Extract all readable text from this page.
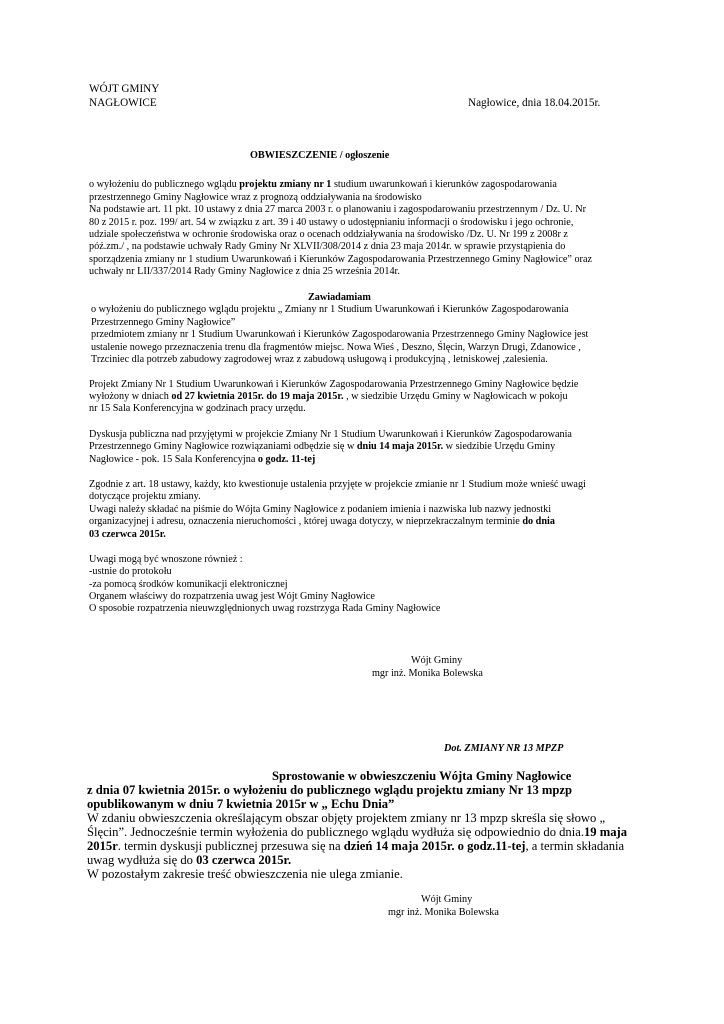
WÓJT GMINY
NAGŁOWICE	Nagłowice, dnia 18.04.2015r.
OBWIESZCZENIE / ogłoszenie
o wyłożeniu do publicznego wglądu projektu zmiany nr 1 studium uwarunkowań i kierunków zagospodarowania
przestrzennego Gminy Nagłowice wraz z prognozą oddziaływania na środowisko
Na podstawie art. 11 pkt. 10 ustawy z dnia 27 marca 2003 r. o planowaniu i zagospodarowaniu przestrzennym / Dz. U. Nr
80 z 2015 r. poz. 199/ art. 54 w związku z art. 39 i 40 ustawy o udostępnianiu informacji o środowisku i jego ochronie,
udziale społeczeństwa w ochronie środowiska oraz o ocenach oddziaływania na środowisko /Dz. U. Nr 199 z 2008r z
póź.zm./ , na podstawie uchwały Rady Gminy Nr XLVII/308/2014 z dnia 23 maja 2014r. w sprawie przystąpienia do
sporządzenia zmiany nr 1 studium Uwarunkowań i Kierunków Zagospodarowania Przestrzennego Gminy Nagłowice” oraz
uchwały nr LII/337/2014 Rady Gminy Nagłowice z dnia 25 września 2014r.
Zawiadamiam
o wyłożeniu do publicznego wglądu projektu „ Zmiany nr 1 Studium Uwarunkowań i Kierunków Zagospodarowania
Przestrzennego Gminy Nagłowice”
przedmiotem zmiany nr 1 Studium Uwarunkowań i Kierunków Zagospodarowania Przestrzennego Gminy Nagłowice jest
ustalenie nowego przeznaczenia trenu dla fragmentów miejsc. Nowa Wieś , Deszno, Ślęcin, Warzyn Drugi, Zdanowice ,
Trzciniec dla potrzeb zabudowy zagrodowej wraz z zabudową usługową i produkcyjną , letniskowej ,zalesienia.
Projekt Zmiany Nr 1 Studium Uwarunkowań i Kierunków Zagospodarowania Przestrzennego Gminy Nagłowice będzie
wyłożony w dniach od 27 kwietnia 2015r. do 19 maja 2015r. , w siedzibie Urzędu Gminy w Nagłowicach w pokoju
nr 15 Sala Konferencyjna w godzinach pracy urzędu.
Dyskusja publiczna nad przyjętymi w projekcie Zmiany Nr 1 Studium Uwarunkowań i Kierunków Zagospodarowania
Przestrzennego Gminy Nagłowice rozwiązaniami odbędzie się w dniu 14 maja 2015r. w siedzibie Urzędu Gminy
Nagłowice - pok. 15 Sala Konferencyjna o godz. 11-tej
Zgodnie z art. 18 ustawy, każdy, kto kwestionuje ustalenia przyjęte w projekcie zmianie nr 1 Studium może wnieść uwagi
dotyczące projektu zmiany.
Uwagi należy składać na piśmie do Wójta Gminy Nagłowice z podaniem imienia i nazwiska lub nazwy jednostki
organizacyjnej i adresu, oznaczenia nieruchomości , której uwaga dotyczy, w nieprzekraczalnym terminie do dnia
03 czerwca 2015r.
Uwagi mogą być wnoszone również :
-ustnie do protokołu
-za pomocą środków komunikacji elektronicznej
Organem właściwy do rozpatrzenia uwag jest Wójt Gminy Nagłowice
O sposobie rozpatrzenia nieuwzględnionych uwag rozstrzyga Rada Gminy Nagłowice
Wójt Gminy
mgr inż. Monika Bolewska
Dot. ZMIANY NR 13 MPZP
Sprostowanie w obwieszczeniu Wójta Gminy Nagłowice
z dnia 07 kwietnia 2015r. o wyłożeniu do publicznego wglądu projektu zmiany Nr 13 mpzp
opublikowanym w dniu 7 kwietnia 2015r w „ Echu Dnia”
W zdaniu obwieszczenia określającym obszar objęty projektem zmiany nr 13 mpzp skreśla się słowo „
Ślęcin”. Jednocześnie termin wyłożenia do publicznego wglądu wydłuża się odpowiednio do dnia.19 maja
2015r. termin dyskusji publicznej przesuwa się na dzień 14 maja 2015r. o godz.11-tej, a termin składania
uwag wydłuża się do 03 czerwca 2015r.
W pozostałym zakresie treść obwieszczenia nie ulega zmianie.
Wójt Gminy
mgr inż. Monika Bolewska
